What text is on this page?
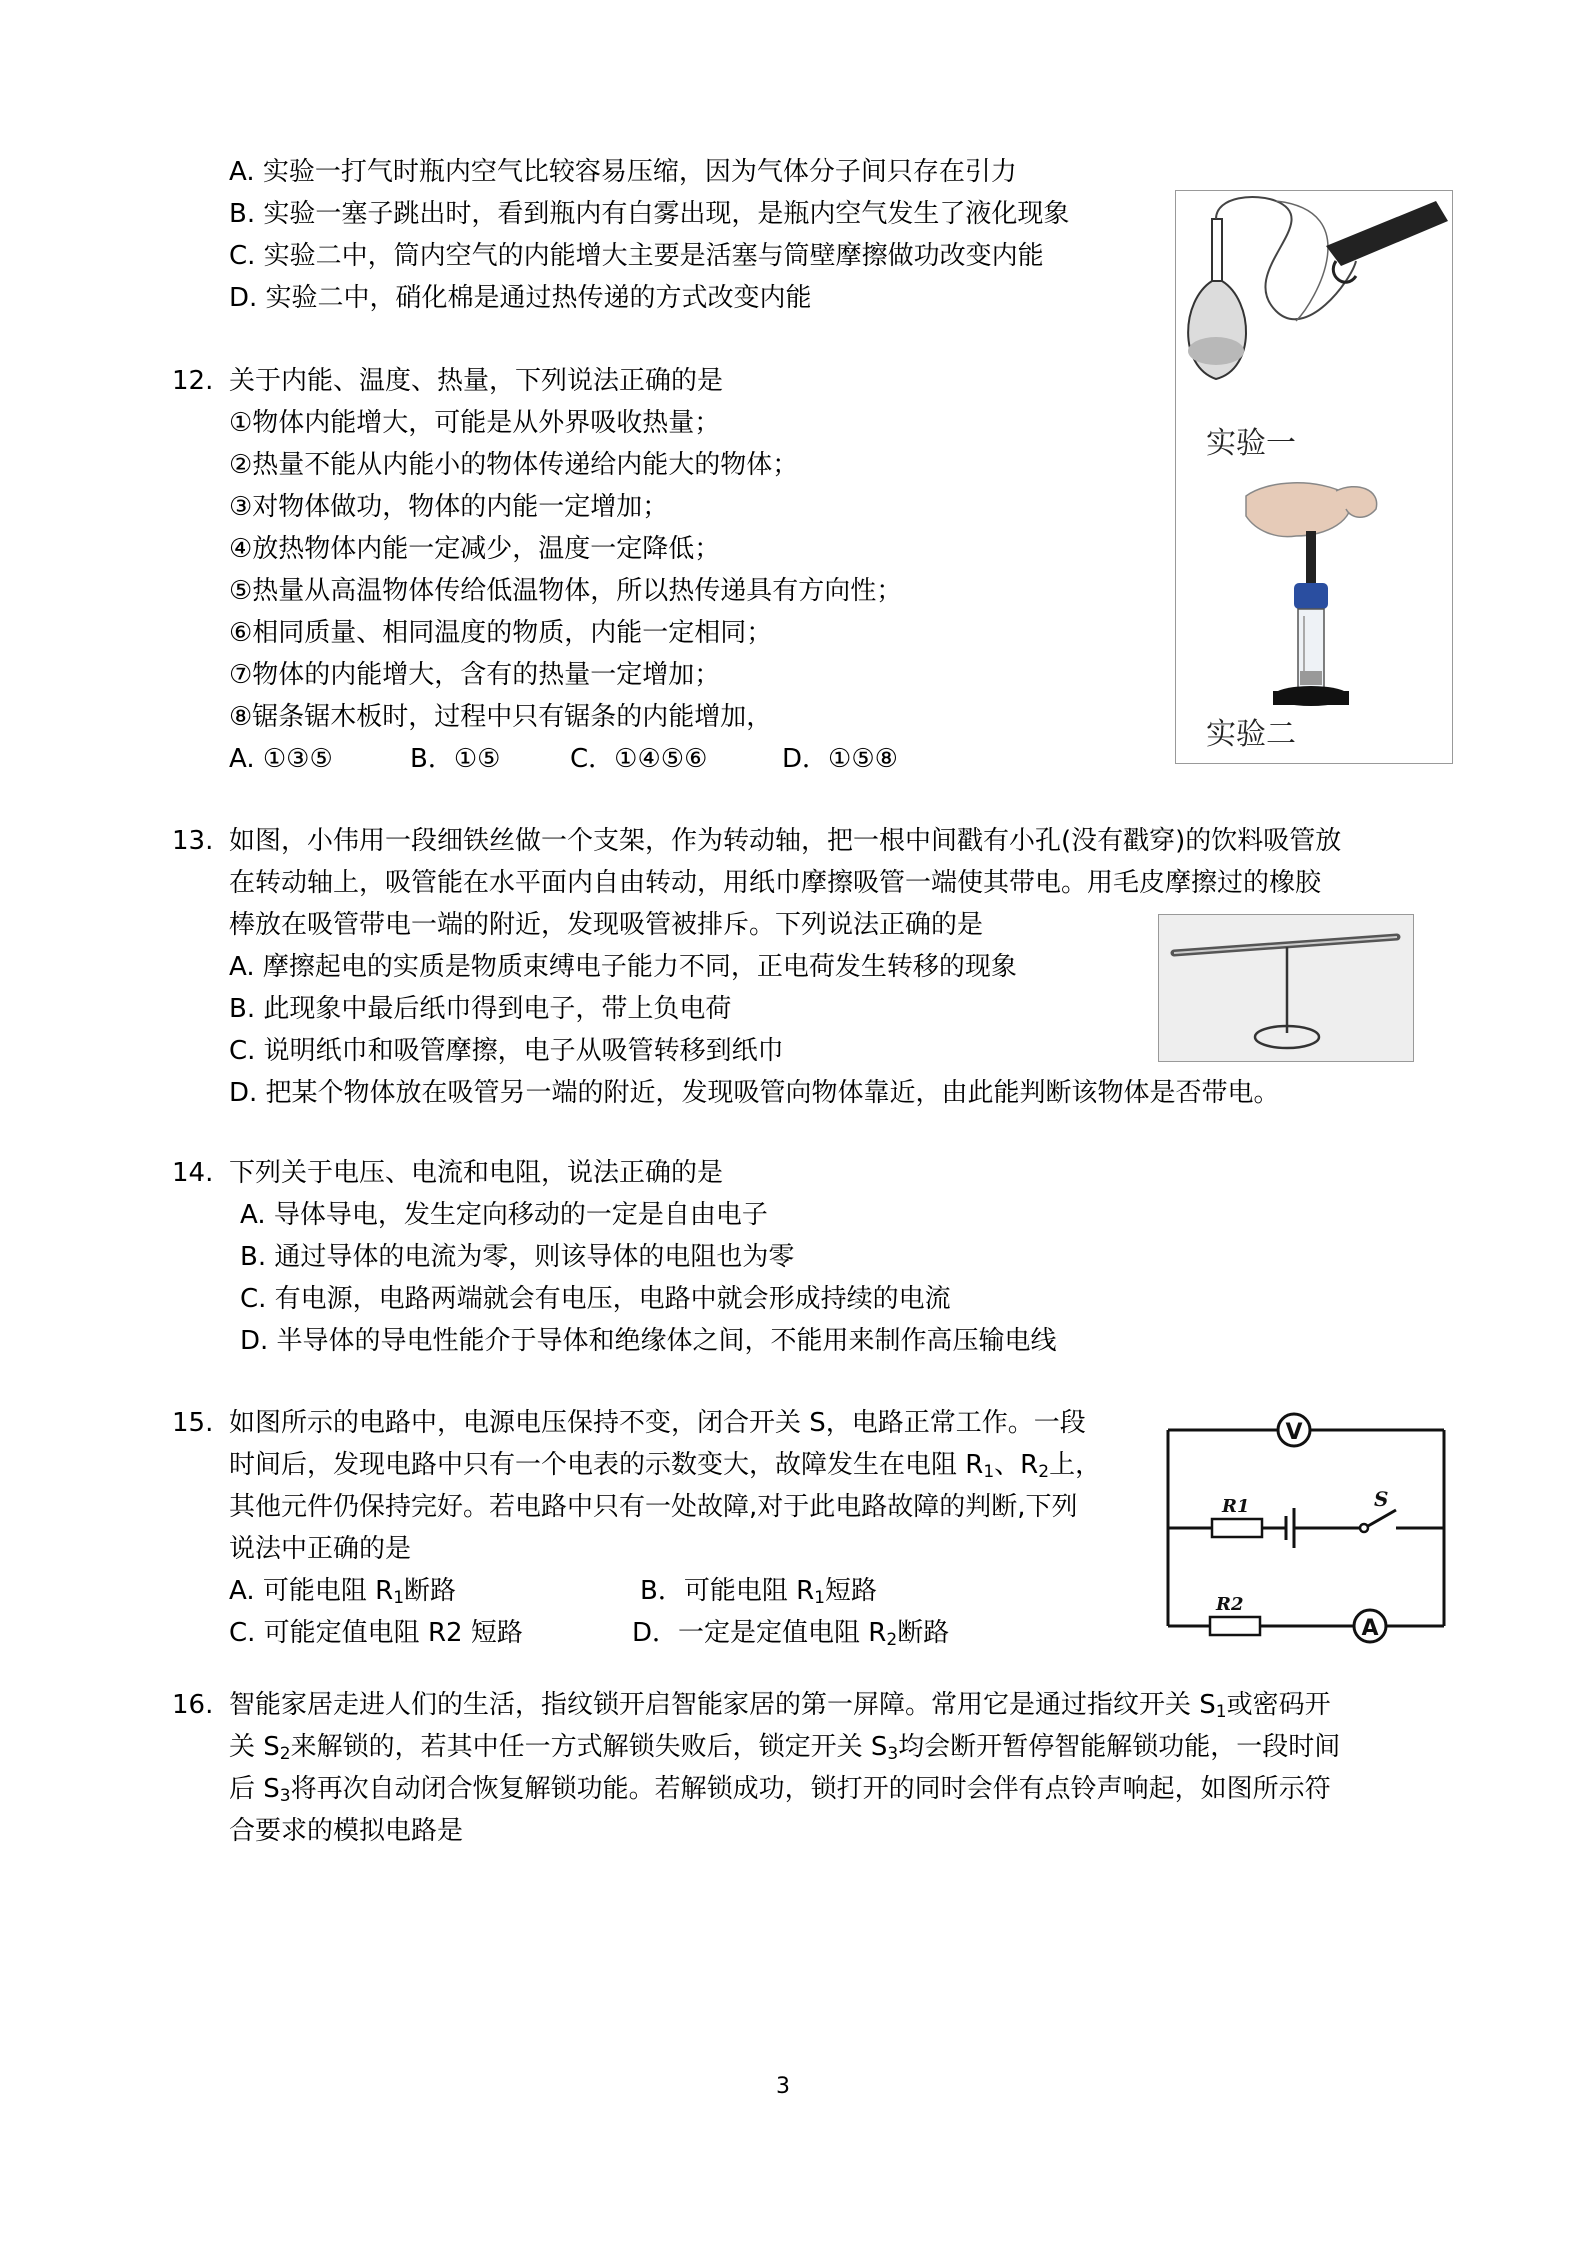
A. 实验一打气时瓶内空气比较容易压缩，因为气体分子间只存在引力
B. 实验一塞子跳出时，看到瓶内有白雾出现，是瓶内空气发生了液化现象
C. 实验二中，筒内空气的内能增大主要是活塞与筒壁摩擦做功改变内能
D. 实验二中，硝化棉是通过热传递的方式改变内能
实验一
实验二
12. 关于内能、温度、热量，下列说法正确的是
①物体内能增大，可能是从外界吸收热量；
②热量不能从内能小的物体传递给内能大的物体；
③对物体做功，物体的内能一定增加；
④放热物体内能一定减少，温度一定降低；
⑤热量从高温物体传给低温物体，所以热传递具有方向性；
⑥相同质量、相同温度的物质，内能一定相同；
⑦物体的内能增大，含有的热量一定增加；
⑧锯条锯木板时，过程中只有锯条的内能增加，
A. ①③⑤	B．①⑤	C．①④⑤⑥	D．①⑤⑧
13. 如图，小伟用一段细铁丝做一个支架，作为转动轴，把一根中间戳有小孔(没有戳穿)的饮料吸管放
在转动轴上，吸管能在水平面内自由转动，用纸巾摩擦吸管一端使其带电。用毛皮摩擦过的橡胶
棒放在吸管带电一端的附近，发现吸管被排斥。下列说法正确的是
A. 摩擦起电的实质是物质束缚电子能力不同，正电荷发生转移的现象
B. 此现象中最后纸巾得到电子，带上负电荷
C. 说明纸巾和吸管摩擦，电子从吸管转移到纸巾
D. 把某个物体放在吸管另一端的附近，发现吸管向物体靠近，由此能判断该物体是否带电。
14. 下列关于电压、电流和电阻，说法正确的是
A. 导体导电，发生定向移动的一定是自由电子
B. 通过导体的电流为零，则该导体的电阻也为零
C. 有电源，电路两端就会有电压，电路中就会形成持续的电流
D. 半导体的导电性能介于导体和绝缘体之间，不能用来制作高压输电线
15. 如图所示的电路中，电源电压保持不变，闭合开关 S，电路正常工作。一段
时间后，发现电路中只有一个电表的示数变大，故障发生在电阻 $R_1$、$R_2$上，
其他元件仍保持完好。若电路中只有一处故障,对于此电路故障的判断,下列
说法中正确的是
A. 可能电阻 $R_1$断路	B．可能电阻 $R_1$短路
C. 可能定值电阻 R2 短路	D．一定是定值电阻 $R_2$断路
V
A
R1	S
R2
16. 智能家居走进人们的生活，指纹锁开启智能家居的第一屏障。常用它是通过指纹开关 $S_1$或密码开
关 $S_2$来解锁的，若其中任一方式解锁失败后，锁定开关 $S_3$均会断开暂停智能解锁功能，一段时间
后 $S_3$将再次自动闭合恢复解锁功能。若解锁成功，锁打开的同时会伴有点铃声响起，如图所示符
合要求的模拟电路是
3
